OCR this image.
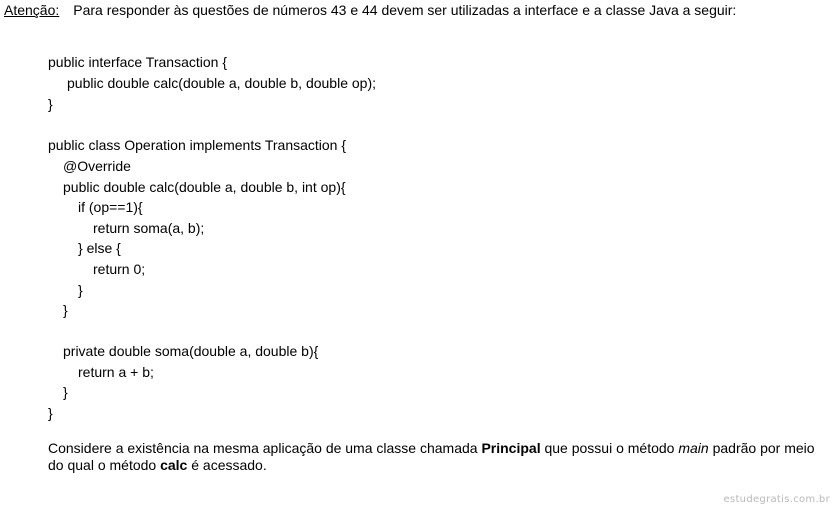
Atenção: Para responder às questões de números 43 e 44 devem ser utilizadas a interface e a classe Java a seguir:
public interface Transaction {
public double calc(double a, double b, double op);
}
public class Operation implements Transaction {
@Override
public double calc(double a, double b, int op){
if (op==1){
return soma(a, b);
} else {
return 0;
}
}
private double soma(double a, double b){
return a + b;
}
}
Considere a existência na mesma aplicação de uma classe chamada Principal que possui o método main padrão por meio do qual o método calc é acessado.
estudegratis.com.br
